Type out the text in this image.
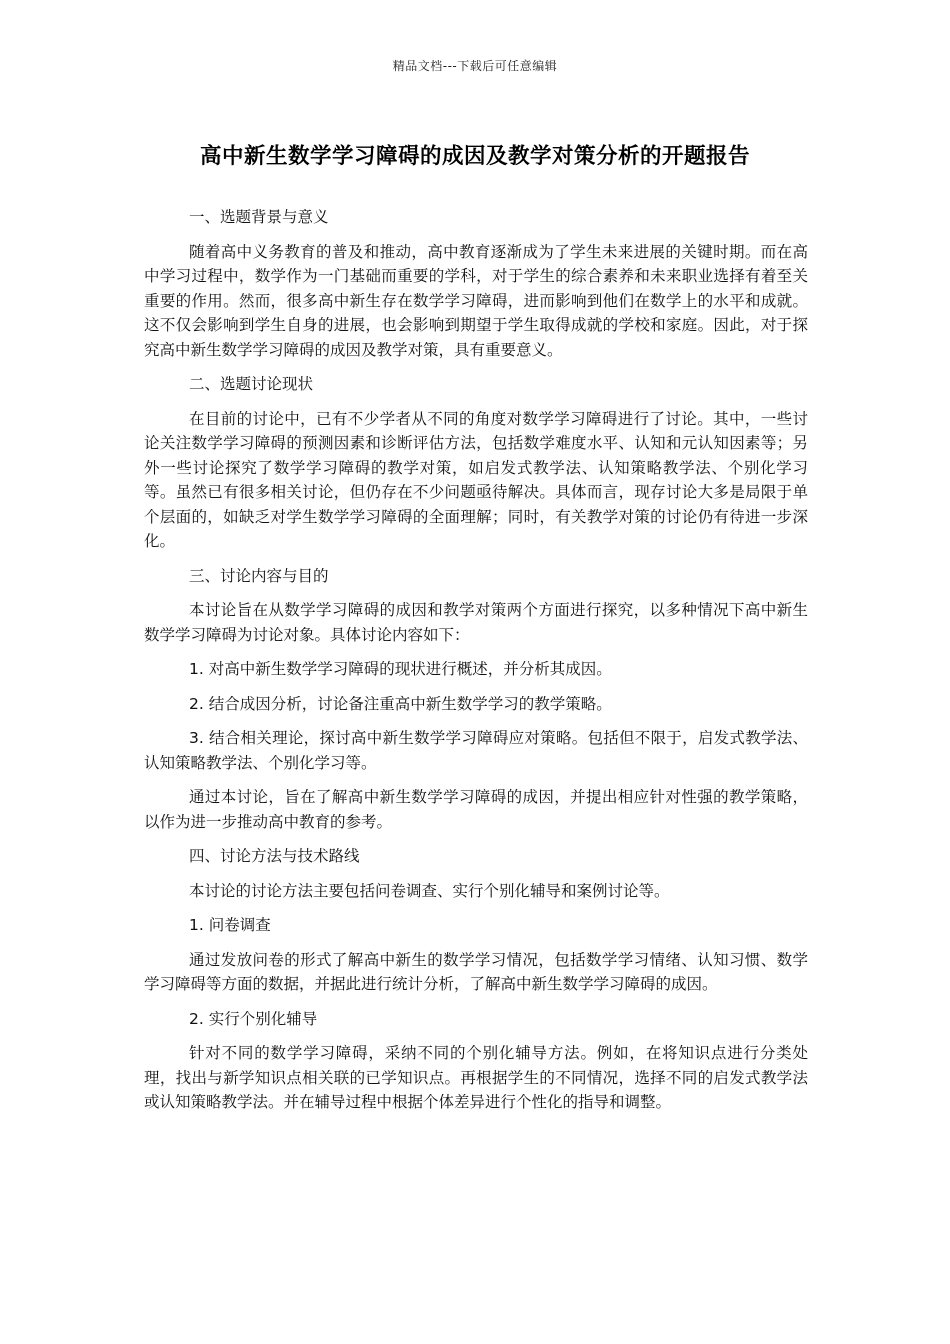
精品文档---下载后可任意编辑
高中新生数学学习障碍的成因及教学对策分析的开题报告
一、选题背景与意义
随着高中义务教育的普及和推动，高中教育逐渐成为了学生未来进展的关键时期。而在高中学习过程中，数学作为一门基础而重要的学科，对于学生的综合素养和未来职业选择有着至关重要的作用。然而，很多高中新生存在数学学习障碍，进而影响到他们在数学上的水平和成就。这不仅会影响到学生自身的进展，也会影响到期望于学生取得成就的学校和家庭。因此，对于探究高中新生数学学习障碍的成因及教学对策，具有重要意义。
二、选题讨论现状
在目前的讨论中，已有不少学者从不同的角度对数学学习障碍进行了讨论。其中，一些讨论关注数学学习障碍的预测因素和诊断评估方法，包括数学难度水平、认知和元认知因素等；另外一些讨论探究了数学学习障碍的教学对策，如启发式教学法、认知策略教学法、个别化学习等。虽然已有很多相关讨论，但仍存在不少问题亟待解决。具体而言，现存讨论大多是局限于单个层面的，如缺乏对学生数学学习障碍的全面理解；同时，有关教学对策的讨论仍有待进一步深化。
三、讨论内容与目的
本讨论旨在从数学学习障碍的成因和教学对策两个方面进行探究，以多种情况下高中新生数学学习障碍为讨论对象。具体讨论内容如下：
1. 对高中新生数学学习障碍的现状进行概述，并分析其成因。
2. 结合成因分析，讨论备注重高中新生数学学习的教学策略。
3. 结合相关理论，探讨高中新生数学学习障碍应对策略。包括但不限于，启发式教学法、认知策略教学法、个别化学习等。
通过本讨论，旨在了解高中新生数学学习障碍的成因，并提出相应针对性强的教学策略，以作为进一步推动高中教育的参考。
四、讨论方法与技术路线
本讨论的讨论方法主要包括问卷调查、实行个别化辅导和案例讨论等。
1. 问卷调查
通过发放问卷的形式了解高中新生的数学学习情况，包括数学学习情绪、认知习惯、数学学习障碍等方面的数据，并据此进行统计分析，了解高中新生数学学习障碍的成因。
2. 实行个别化辅导
针对不同的数学学习障碍，采纳不同的个别化辅导方法。例如，在将知识点进行分类处理，找出与新学知识点相关联的已学知识点。再根据学生的不同情况，选择不同的启发式教学法或认知策略教学法。并在辅导过程中根据个体差异进行个性化的指导和调整。
